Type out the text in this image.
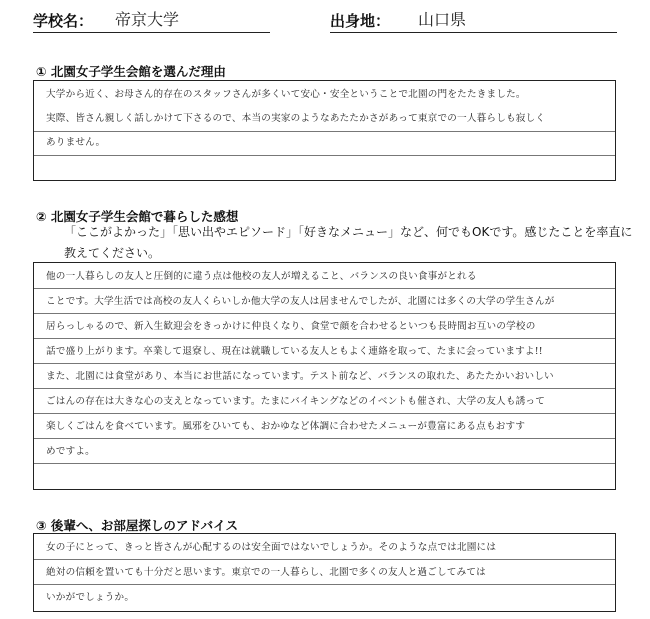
学校名： 帝京大学	出身地： 山口県
① 北園女子学生会館を選んだ理由
大学から近く、お母さん的存在のスタッフさんが多くいて安心・安全ということで北園の門をたたきました。
実際、皆さん親しく話しかけて下さるので、本当の実家のようなあたたかさがあって東京での一人暮らしも寂しく
ありません。
② 北園女子学生会館で暮らした感想
「ここがよかった」「思い出やエピソード」「好きなメニュー」など、何でもOKです。感じたことを率直に
教えてください。
他の一人暮らしの友人と圧倒的に違う点は他校の友人が増えること、バランスの良い食事がとれる
ことです。大学生活では高校の友人くらいしか他大学の友人は居ませんでしたが、北園には多くの大学の学生さんが
居らっしゃるので、新入生歓迎会をきっかけに仲良くなり、食堂で顔を合わせるといつも長時間お互いの学校の
話で盛り上がります。卒業して退寮し、現在は就職している友人ともよく連絡を取って、たまに会っていますよ!!
また、北園には食堂があり、本当にお世話になっています。テスト前など、バランスの取れた、あたたかいおいしい
ごはんの存在は大きな心の支えとなっています。たまにバイキングなどのイベントも催され、大学の友人も誘って
楽しくごはんを食べています。風邪をひいても、おかゆなど体調に合わせたメニューが豊富にある点もおすす
めですよ。
③ 後輩へ、お部屋探しのアドバイス
女の子にとって、きっと皆さんが心配するのは安全面ではないでしょうか。そのような点では北園には
絶対の信頼を置いても十分だと思います。東京での一人暮らし、北園で多くの友人と過ごしてみては
いかがでしょうか。
